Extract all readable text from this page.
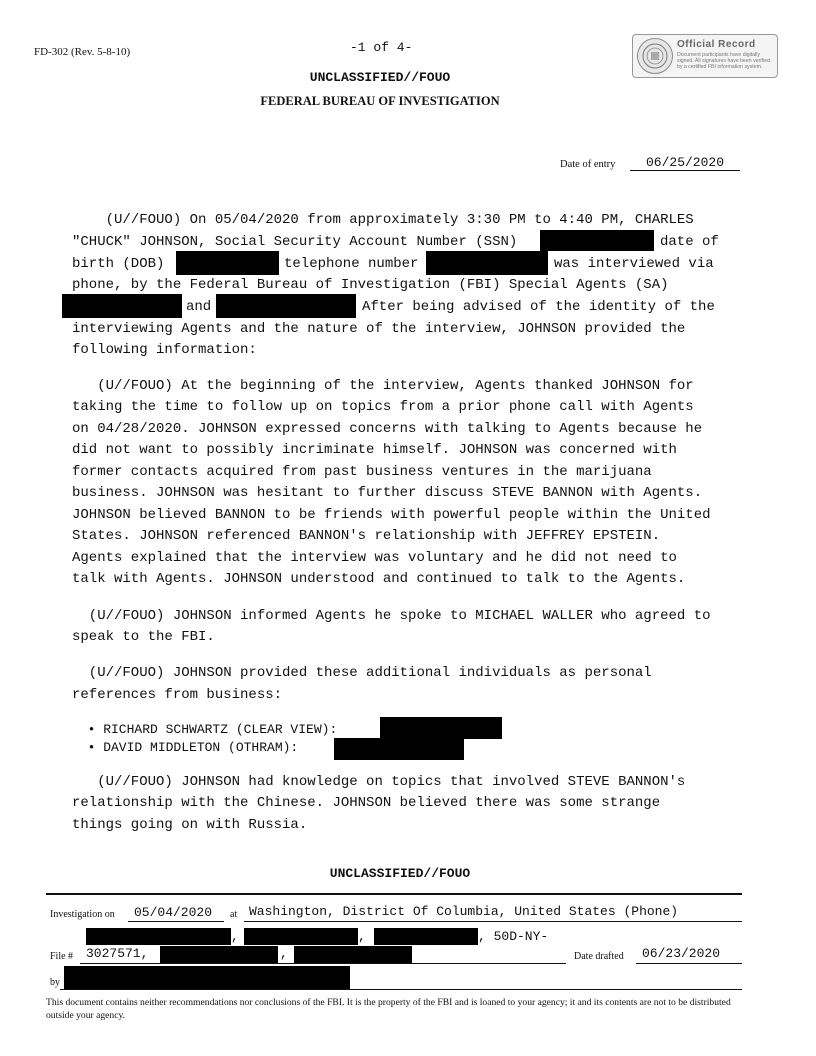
FD-302 (Rev. 5-8-10)	-1 of 4-
UNCLASSIFIED//FOUO
FEDERAL BUREAU OF INVESTIGATION
Official Record
Document participants have digitally signed. All signatures have been verified by a certified FBI information system.
Date of entry	06/25/2020
(U//FOUO) On 05/04/2020 from approximately 3:30 PM to 4:40 PM, CHARLES
"CHUCK" JOHNSON, Social Security Account Number (SSN)	date of
birth (DOB)	telephone number	was interviewed via
phone, by the Federal Bureau of Investigation (FBI) Special Agents (SA)
and	After being advised of the identity of the
interviewing Agents and the nature of the interview, JOHNSON provided the
following information:
(U//FOUO) At the beginning of the interview, Agents thanked JOHNSON for
taking the time to follow up on topics from a prior phone call with Agents
on 04/28/2020. JOHNSON expressed concerns with talking to Agents because he
did not want to possibly incriminate himself. JOHNSON was concerned with
former contacts acquired from past business ventures in the marijuana
business. JOHNSON was hesitant to further discuss STEVE BANNON with Agents.
JOHNSON believed BANNON to be friends with powerful people within the United
States. JOHNSON referenced BANNON's relationship with JEFFREY EPSTEIN.
Agents explained that the interview was voluntary and he did not need to
talk with Agents. JOHNSON understood and continued to talk to the Agents.
(U//FOUO) JOHNSON informed Agents he spoke to MICHAEL WALLER who agreed to
speak to the FBI.
(U//FOUO) JOHNSON provided these additional individuals as personal
references from business:
• RICHARD SCHWARTZ (CLEAR VIEW):
• DAVID MIDDLETON (OTHRAM):
(U//FOUO) JOHNSON had knowledge on topics that involved STEVE BANNON's
relationship with the Chinese. JOHNSON believed there was some strange
things going on with Russia.
UNCLASSIFIED//FOUO
Investigation on 05/04/2020 at Washington, District Of Columbia, United States (Phone)
,	,	, 50D-NY-
File # 3027571,	,	Date drafted 06/23/2020
by
This document contains neither recommendations nor conclusions of the FBI. It is the property of the FBI and is loaned to your agency; it and its contents are not to be distributed outside your agency.
